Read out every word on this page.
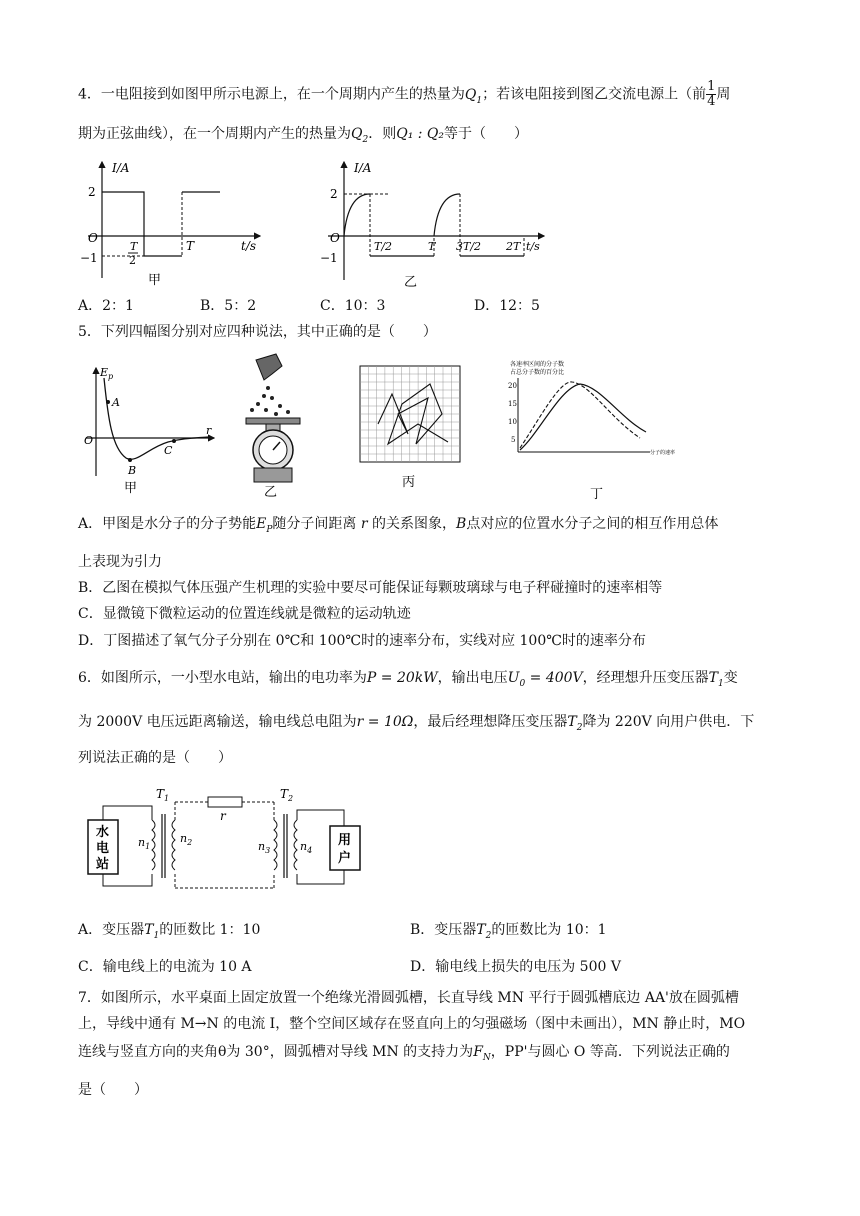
4．一电阻接到如图甲所示电源上，在一个周期内产生的热量为$Q_1$；若该电阻接到图乙交流电源上（前 $\frac{1}{4}$ 周
期为正弦曲线），在一个周期内产生的热量为$Q_2$．则Q₁ : Q₂等于（　　）
I/A
2
O
−1
T
2
T	t/s
甲
I/A
2
O
−1
T/2	T 3T/2 2T t/s
乙
A．2：1	B．5：2	C．10：3	D．12：5
5．下列四幅图分别对应四种说法，其中正确的是（　　）
$E_p$
O
r
A
B
C
甲	乙
丙
各速率区间的分子数
占总分子数的百分比
20
15
10
5
分子的速率
丁
A．甲图是水分子的分子势能$E_P$随分子间距离 r 的关系图象，B点对应的位置水分子之间的相互作用总体
上表现为引力
B．乙图在模拟气体压强产生机理的实验中要尽可能保证每颗玻璃球与电子秤碰撞时的速率相等
C．显微镜下微粒运动的位置连线就是微粒的运动轨迹
D．丁图描述了氧气分子分别在 0℃和 100℃时的速率分布，实线对应 100℃时的速率分布
6．如图所示，一小型水电站，输出的电功率为P = 20kW，输出电压$U_0 = 400V$，经理想升压变压器$T_1$变
为 2000V 电压远距离输送，输电线总电阻为r = 10Ω，最后经理想降压变压器$T_2$降为 220V 向用户供电．下
列说法正确的是（　　）
水
电
站
$n_1$
$n_2$
$T_1$
r
$n_3$	$n_4$
$T_2$
用
户
A．变压器$T_1$的匝数比 1：10	B．变压器$T_2$的匝数比为 10：1
C．输电线上的电流为 10 A	D．输电线上损失的电压为 500 V
7．如图所示，水平桌面上固定放置一个绝缘光滑圆弧槽，长直导线 MN 平行于圆弧槽底边 AA'放在圆弧槽
上，导线中通有 M→N 的电流 I，整个空间区域存在竖直向上的匀强磁场（图中未画出），MN 静止时，MO
连线与竖直方向的夹角θ为 30°，圆弧槽对导线 MN 的支持力为$F_N$，PP'与圆心 O 等高．下列说法正确的
是（　　）
